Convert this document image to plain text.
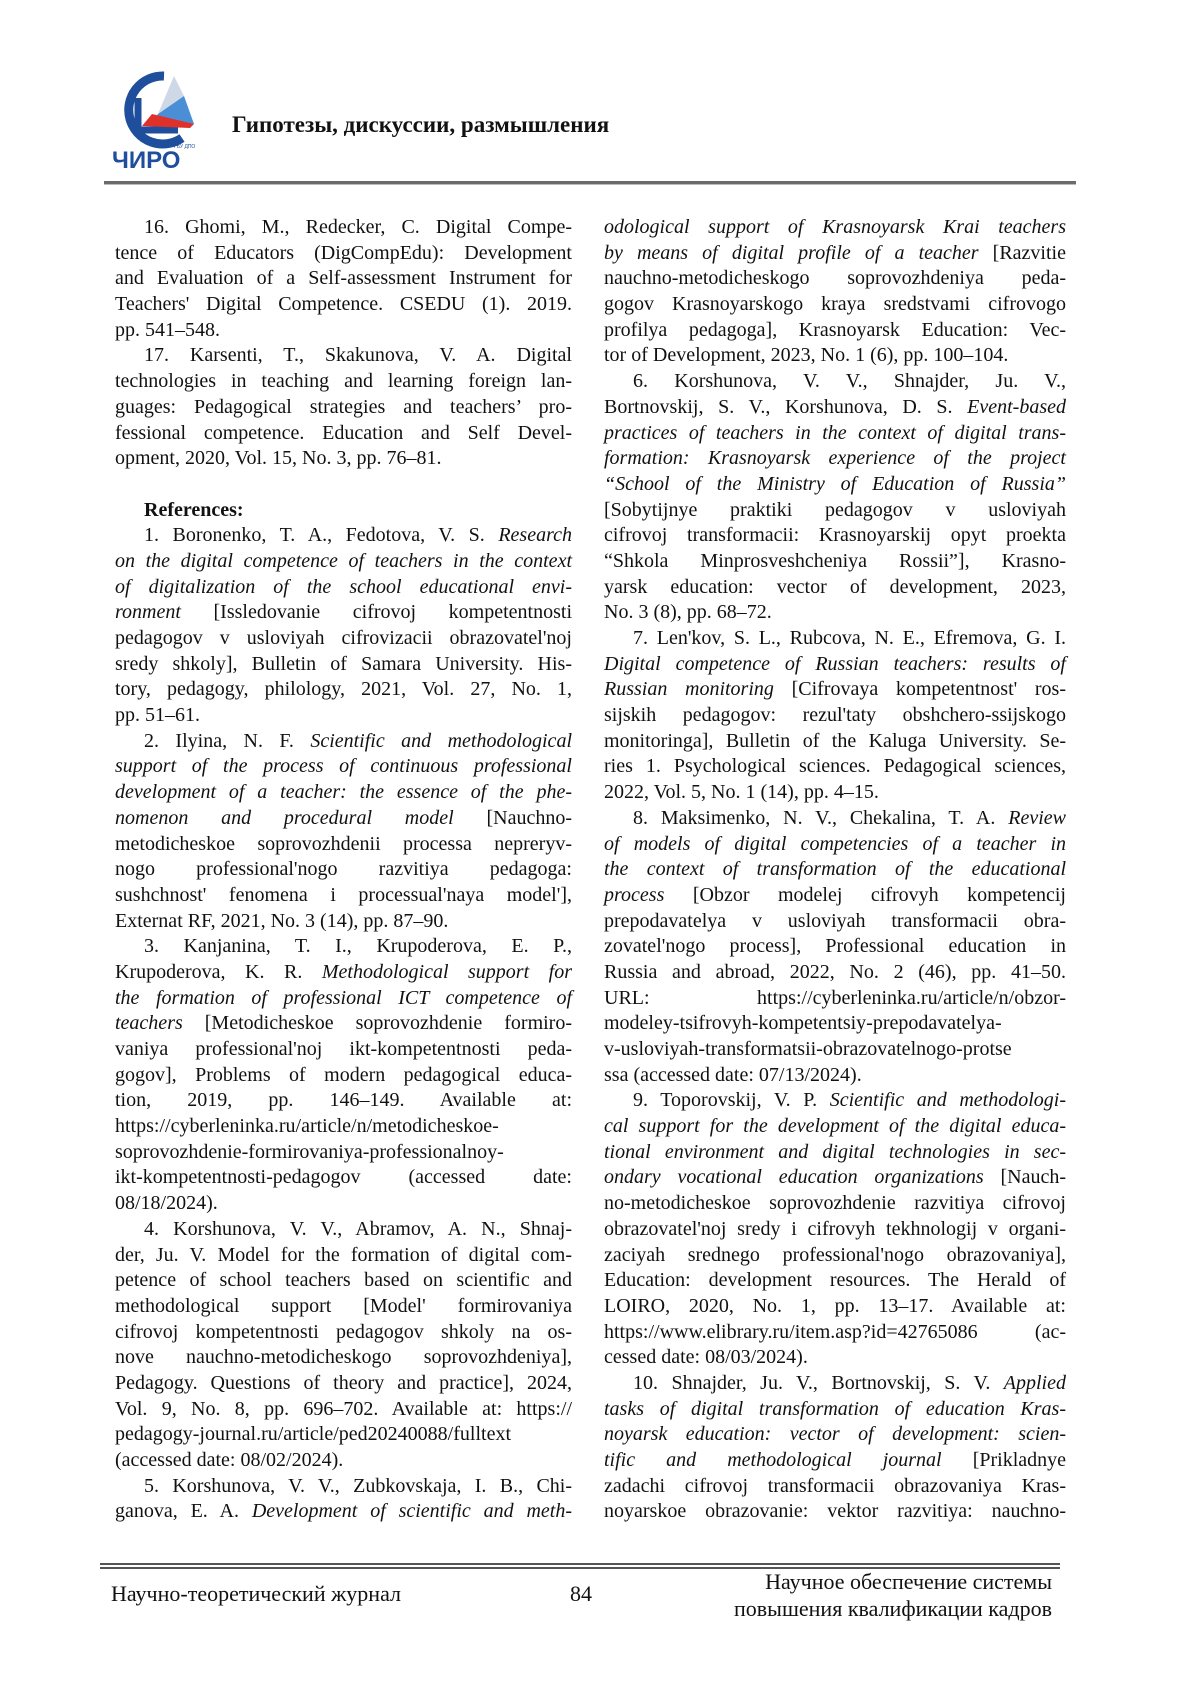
ГБУ ДПО
ЧИРО
Гипотезы, дискуссии, размышления
16. Ghomi, M., Redecker, C. Digital Compe-
tence of Educators (DigCompEdu): Development
and Evaluation of a Self-assessment Instrument for
Teachers' Digital Competence. CSEDU (1). 2019.
pp. 541–548.
17. Karsenti, T., Skakunova, V. A. Digital
technologies in teaching and learning foreign lan-
guages: Pedagogical strategies and teachers’ pro-
fessional competence. Education and Self Devel-
opment, 2020, Vol. 15, No. 3, pp. 76–81.
References:
1. Boronenko, T. A., Fedotova, V. S. Research
on the digital competence of teachers in the context
of digitalization of the school educational envi-
ronment [Issledovanie cifrovoj kompetentnosti
pedagogov v usloviyah cifrovizacii obrazovatel'noj
sredy shkoly], Bulletin of Samara University. His-
tory, pedagogy, philology, 2021, Vol. 27, No. 1,
pp. 51–61.
2. Ilyina, N. F. Scientific and methodological
support of the process of continuous professional
development of a teacher: the essence of the phe-
nomenon and procedural model [Nauchno-
metodicheskoe soprovozhdenii processa nepreryv-
nogo professional'nogo razvitiya pedagoga:
sushchnost' fenomena i processual'naya model'],
Externat RF, 2021, No. 3 (14), pp. 87–90.
3. Kanjanina, T. I., Krupoderova, E. P.,
Krupoderova, K. R. Methodological support for
the formation of professional ICT competence of
teachers [Metodicheskoe soprovozhdenie formiro-
vaniya professional'noj ikt-kompetentnosti peda-
gogov], Problems of modern pedagogical educa-
tion, 2019, pp. 146–149. Available at:
https://cyberleninka.ru/article/n/metodicheskoe-
soprovozhdenie-formirovaniya-professionalnoy-
ikt-kompetentnosti-pedagogov (accessed date:
08/18/2024).
4. Korshunova, V. V., Abramov, A. N., Shnaj-
der, Ju. V. Model for the formation of digital com-
petence of school teachers based on scientific and
methodological support [Model' formirovaniya
cifrovoj kompetentnosti pedagogov shkoly na os-
nove nauchno-metodicheskogo soprovozhdeniya],
Pedagogy. Questions of theory and practice], 2024,
Vol. 9, No. 8, pp. 696–702. Available at: https://
pedagogy-journal.ru/article/ped20240088/fulltext
(accessed date: 08/02/2024).
5. Korshunova, V. V., Zubkovskaja, I. B., Chi-
ganova, E. A. Development of scientific and meth-
odological support of Krasnoyarsk Krai teachers
by means of digital profile of a teacher [Razvitie
nauchno-metodicheskogo soprovozhdeniya peda-
gogov Krasnoyarskogo kraya sredstvami cifrovogo
profilya pedagoga], Krasnoyarsk Education: Vec-
tor of Development, 2023, No. 1 (6), pp. 100–104.
6. Korshunova, V. V., Shnajder, Ju. V.,
Bortnovskij, S. V., Korshunova, D. S. Event-based
practices of teachers in the context of digital trans-
formation: Krasnoyarsk experience of the project
“School of the Ministry of Education of Russia”
[Sobytijnye praktiki pedagogov v usloviyah
cifrovoj transformacii: Krasnoyarskij opyt proekta
“Shkola Minprosveshcheniya Rossii”], Krasno-
yarsk education: vector of development, 2023,
No. 3 (8), pp. 68–72.
7. Len'kov, S. L., Rubcova, N. E., Efremova, G. I.
Digital competence of Russian teachers: results of
Russian monitoring [Cifrovaya kompetentnost' ros-
sijskih pedagogov: rezul'taty obshchero-ssijskogo
monitoringa], Bulletin of the Kaluga University. Se-
ries 1. Psychological sciences. Pedagogical sciences,
2022, Vol. 5, No. 1 (14), pp. 4–15.
8. Maksimenko, N. V., Chekalina, T. A. Review
of models of digital competencies of a teacher in
the context of transformation of the educational
process [Obzor modelej cifrovyh kompetencij
prepodavatelya v usloviyah transformacii obra-
zovatel'nogo process], Professional education in
Russia and abroad, 2022, No. 2 (46), pp. 41–50.
URL: https://cyberleninka.ru/article/n/obzor-
modeley-tsifrovyh-kompetentsiy-prepodavatelya-
v-usloviyah-transformatsii-obrazovatelnogo-protse
ssa (accessed date: 07/13/2024).
9. Toporovskij, V. P. Scientific and methodologi-
cal support for the development of the digital educa-
tional environment and digital technologies in sec-
ondary vocational education organizations [Nauch-
no-metodicheskoe soprovozhdenie razvitiya cifrovoj
obrazovatel'noj sredy i cifrovyh tekhnologij v organi-
zaciyah srednego professional'nogo obrazovaniya],
Education: development resources. The Herald of
LOIRO, 2020, No. 1, pp. 13–17. Available at:
https://www.elibrary.ru/item.asp?id=42765086 (ac-
cessed date: 08/03/2024).
10. Shnajder, Ju. V., Bortnovskij, S. V. Applied
tasks of digital transformation of education Kras-
noyarsk education: vector of development: scien-
tific and methodological journal [Prikladnye
zadachi cifrovoj transformacii obrazovaniya Kras-
noyarskoe obrazovanie: vektor razvitiya: nauchno-
Научно-теоретический журнал	84	Научное обеспечение системы
повышения квалификации кадров
